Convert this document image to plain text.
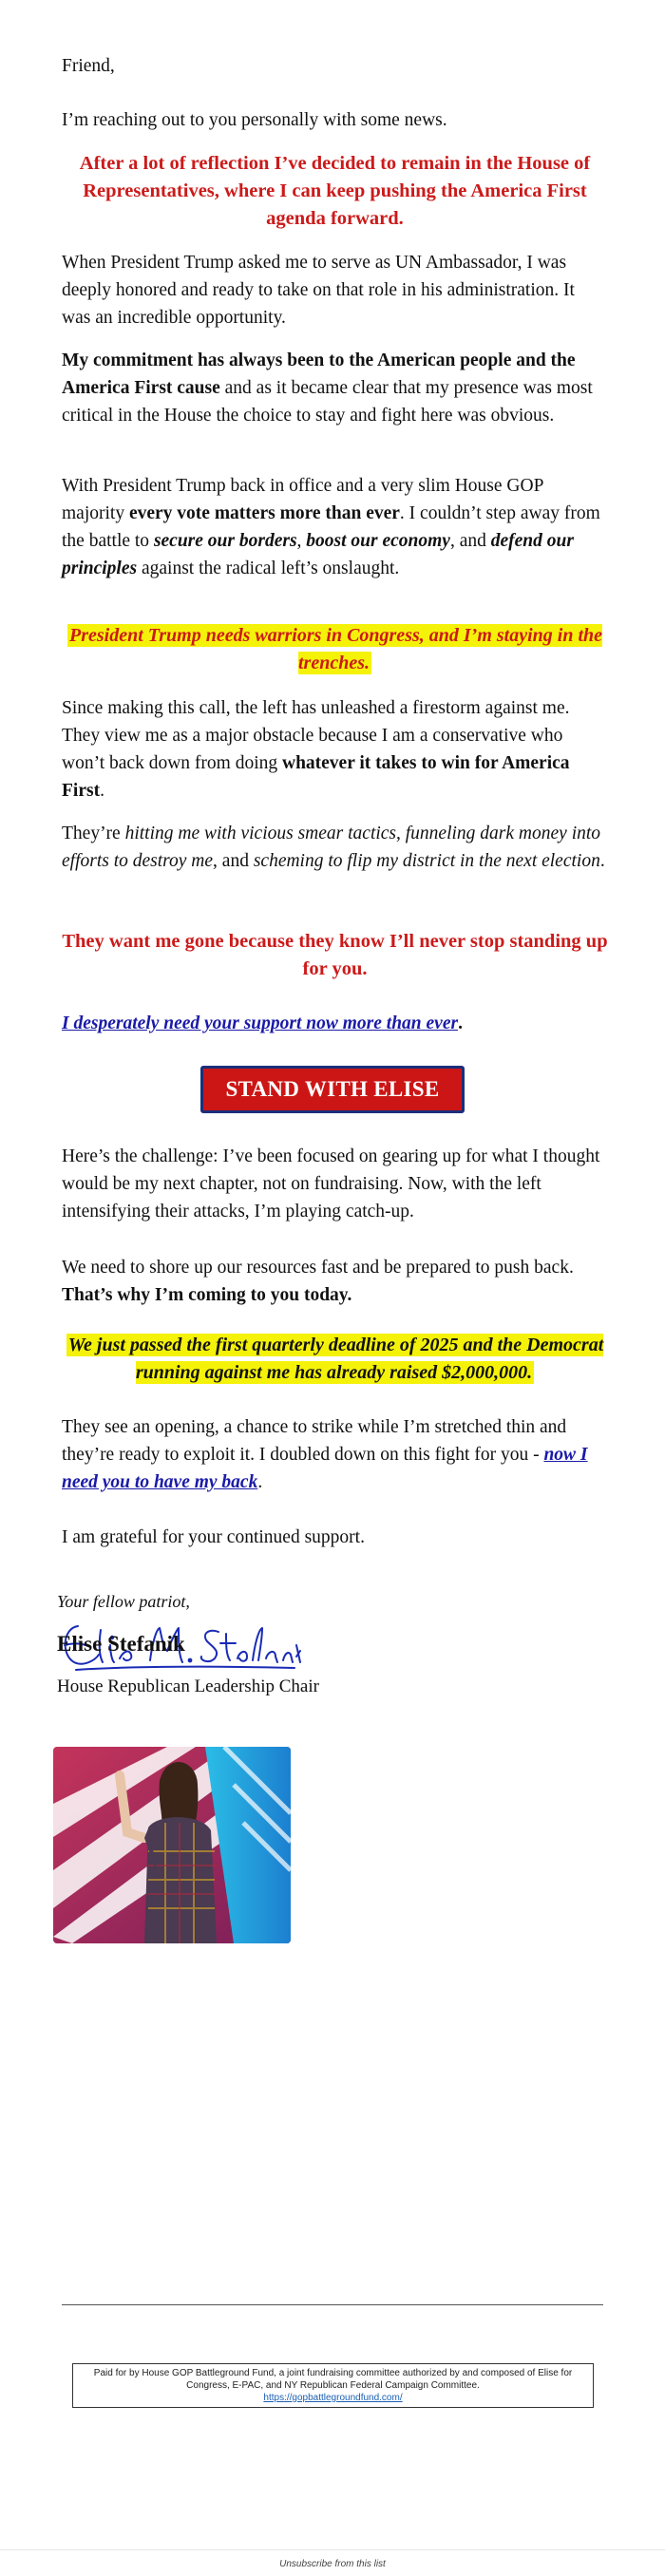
Friend,

I’m reaching out to you personally with some news.

After a lot of reflection I’ve decided to remain in the House of Representatives, where I can keep pushing the America First agenda forward.

When President Trump asked me to serve as UN Ambassador, I was deeply honored and ready to take on that role in his administration. It was an incredible opportunity.

My commitment has always been to the American people and the America First cause and as it became clear that my presence was most critical in the House the choice to stay and fight here was obvious.

With President Trump back in office and a very slim House GOP majority every vote matters more than ever. I couldn’t step away from the battle to secure our borders, boost our economy, and defend our principles against the radical left’s onslaught.

President Trump needs warriors in Congress, and I’m staying in the trenches.

Since making this call, the left has unleashed a firestorm against me. They view me as a major obstacle because I am a conservative who won’t back down from doing whatever it takes to win for America First.

They’re hitting me with vicious smear tactics, funneling dark money into efforts to destroy me, and scheming to flip my district in the next election.

They want me gone because they know I’ll never stop standing up for you.

I desperately need your support now more than ever.

STAND WITH ELISE

Here’s the challenge: I’ve been focused on gearing up for what I thought would be my next chapter, not on fundraising. Now, with the left intensifying their attacks, I’m playing catch-up.

We need to shore up our resources fast and be prepared to push back. That’s why I’m coming to you today.

We just passed the first quarterly deadline of 2025 and the Democrat running against me has already raised $2,000,000.

They see an opening, a chance to strike while I’m stretched thin and they’re ready to exploit it. I doubled down on this fight for you - now I need you to have my back.

I am grateful for your continued support.

Your fellow patriot,

Elise Stefanik

House Republican Leadership Chair

Paid for by House GOP Battleground Fund, a joint fundraising committee authorized by and composed of Elise for Congress, E-PAC, and NY Republican Federal Campaign Committee.
https://gopbattlegroundfund.com/
Unsubscribe from this list
